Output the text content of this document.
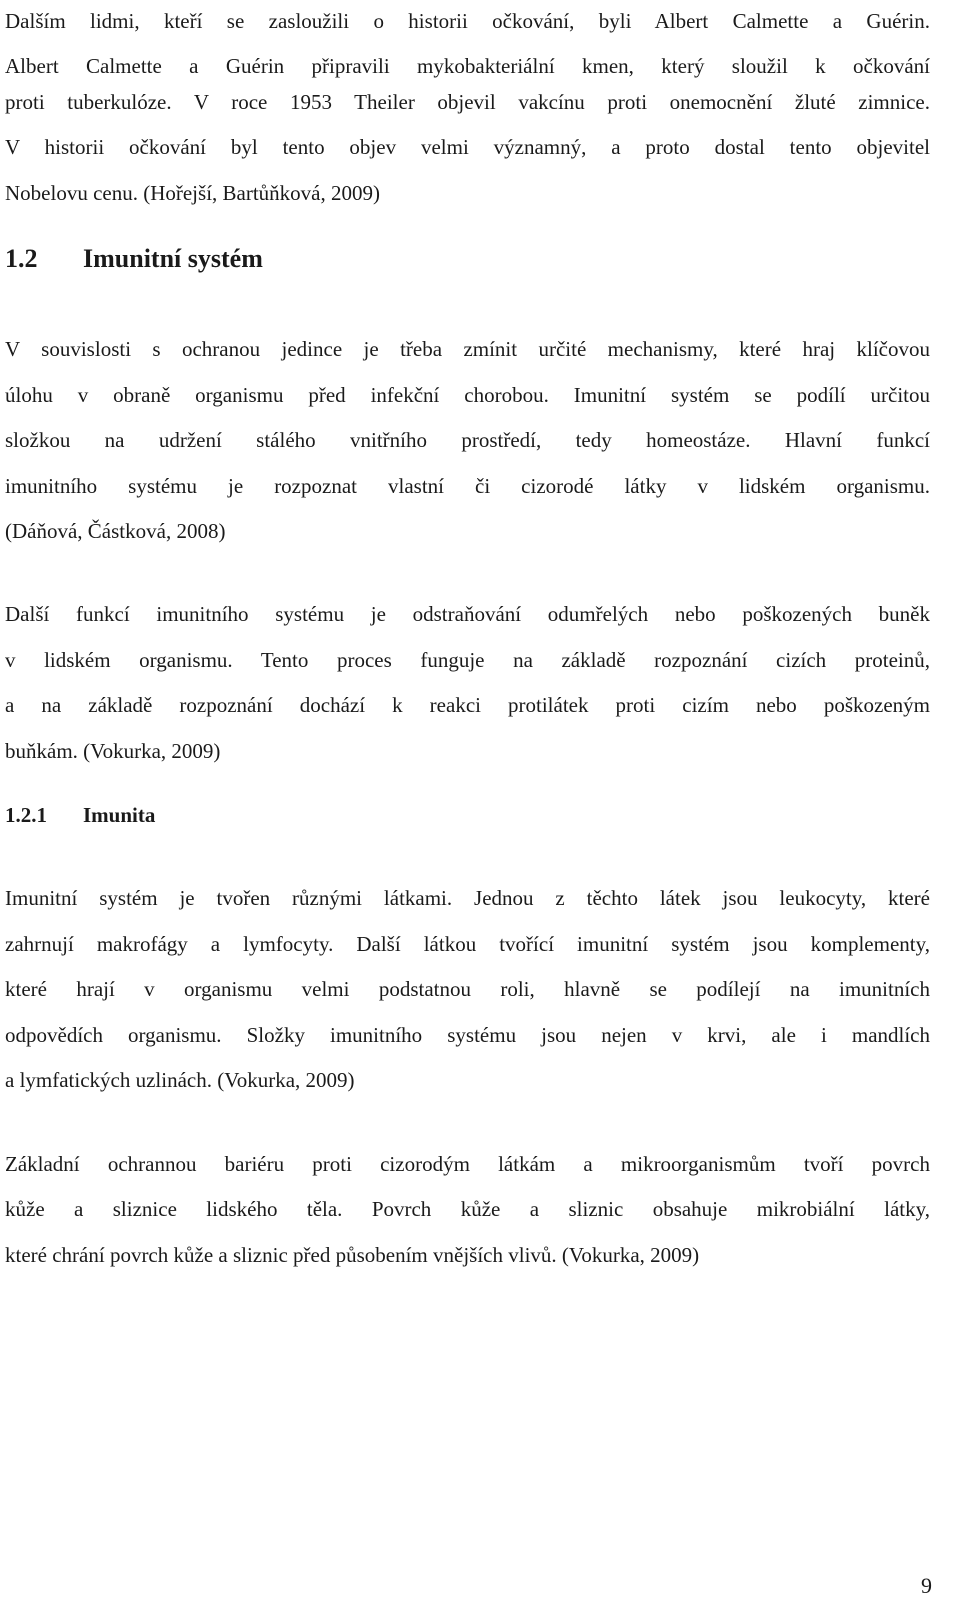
Dalším lidmi, kteří se zasloužili o historii očkování, byli Albert Calmette a Guérin.
Albert Calmette a Guérin připravili mykobakteriální kmen, který sloužil k očkování
proti tuberkulóze. V roce 1953 Theiler objevil vakcínu proti onemocnění žluté zimnice.
V historii očkování byl tento objev velmi významný, a proto dostal tento objevitel
Nobelovu cenu. (Hořejší, Bartůňková, 2009)
1.2 Imunitní systém
V souvislosti s ochranou jedince je třeba zmínit určité mechanismy, které hraj klíčovou
úlohu v obraně organismu před infekční chorobou. Imunitní systém se podílí určitou
složkou na udržení stálého vnitřního prostředí, tedy homeostáze. Hlavní funkcí
imunitního systému je rozpoznat vlastní či cizorodé látky v lidském organismu.
(Dáňová, Částková, 2008)
Další funkcí imunitního systému je odstraňování odumřelých nebo poškozených buněk
v lidském organismu. Tento proces funguje na základě rozpoznání cizích proteinů,
a na základě rozpoznání dochází k reakci protilátek proti cizím nebo poškozeným
buňkám. (Vokurka, 2009)
1.2.1 Imunita
Imunitní systém je tvořen různými látkami. Jednou z těchto látek jsou leukocyty, které
zahrnují makrofágy a lymfocyty. Další látkou tvořící imunitní systém jsou komplementy,
které hrají v organismu velmi podstatnou roli, hlavně se podílejí na imunitních
odpovědích organismu. Složky imunitního systému jsou nejen v krvi, ale i mandlích
a lymfatických uzlinách. (Vokurka, 2009)
Základní ochrannou bariéru proti cizorodým látkám a mikroorganismům tvoří povrch
kůže a sliznice lidského těla. Povrch kůže a sliznic obsahuje mikrobiální látky,
které chrání povrch kůže a sliznic před působením vnějších vlivů. (Vokurka, 2009)
9
